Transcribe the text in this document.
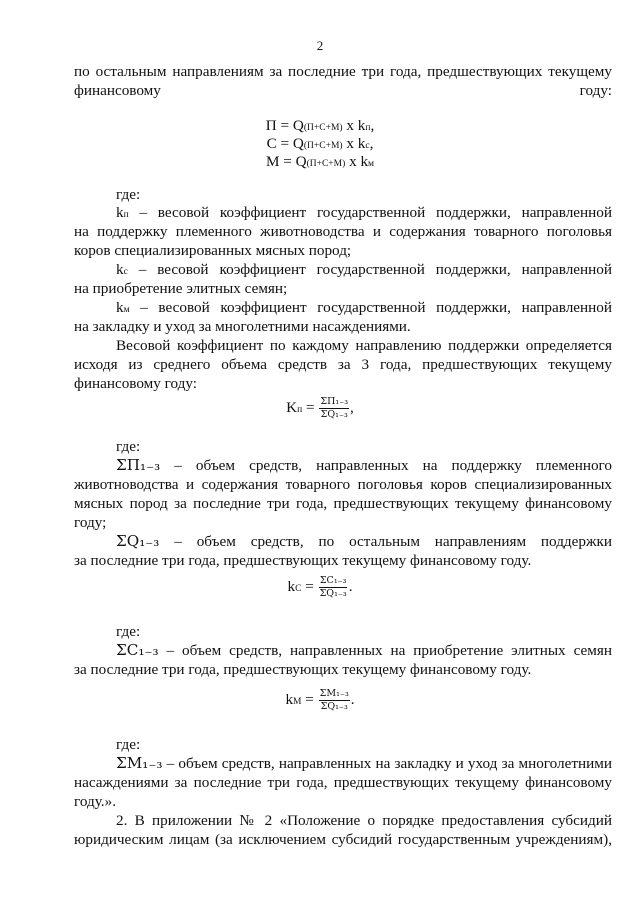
2

по остальным направлениям за последние три года, предшествующих текущему финансовому году:

П = Q(П+С+М) x kп,
С = Q(П+С+М) x kс,
М = Q(П+С+М) x kм

где:

kп – весовой коэффициент государственной поддержки, направленной

на поддержку племенного животноводства и содержания товарного поголовья

коров специализированных мясных пород;

kс – весовой коэффициент государственной поддержки, направленной

на приобретение элитных семян;

kм – весовой коэффициент государственной поддержки, направленной

на закладку и уход за многолетними насаждениями.

Весовой коэффициент по каждому направлению поддержки определяется

исходя из среднего объема средств за 3 года, предшествующих текущему

финансовому году:

Kп = $\frac{\text{ΣП₁₋₃}}{\text{ΣQ₁₋₃}}$ ,

где:

ΣП₁₋₃ – объем средств, направленных на поддержку племенного

животноводства и содержания товарного поголовья коров специализированных

мясных пород за последние три года, предшествующих текущему финансовому

году;

ΣQ₁₋₃ – объем средств, по остальным направлениям поддержки

за последние три года, предшествующих текущему финансовому году.

kC = $\frac{\text{ΣC₁₋₃}}{\text{ΣQ₁₋₃}}$ .

где:

ΣC₁₋₃ – объем средств, направленных на приобретение элитных семян

за последние три года, предшествующих текущему финансовому году.

kM = $\frac{\text{ΣM₁₋₃}}{\text{ΣQ₁₋₃}}$ .

где:

ΣM₁₋₃ – объем средств, направленных на закладку и уход за многолетними

насаждениями за последние три года, предшествующих текущему финансовому

году.».

2. В приложении № 2 «Положение о порядке предоставления субсидий

юридическим лицам (за исключением субсидий государственным учреждениям),
